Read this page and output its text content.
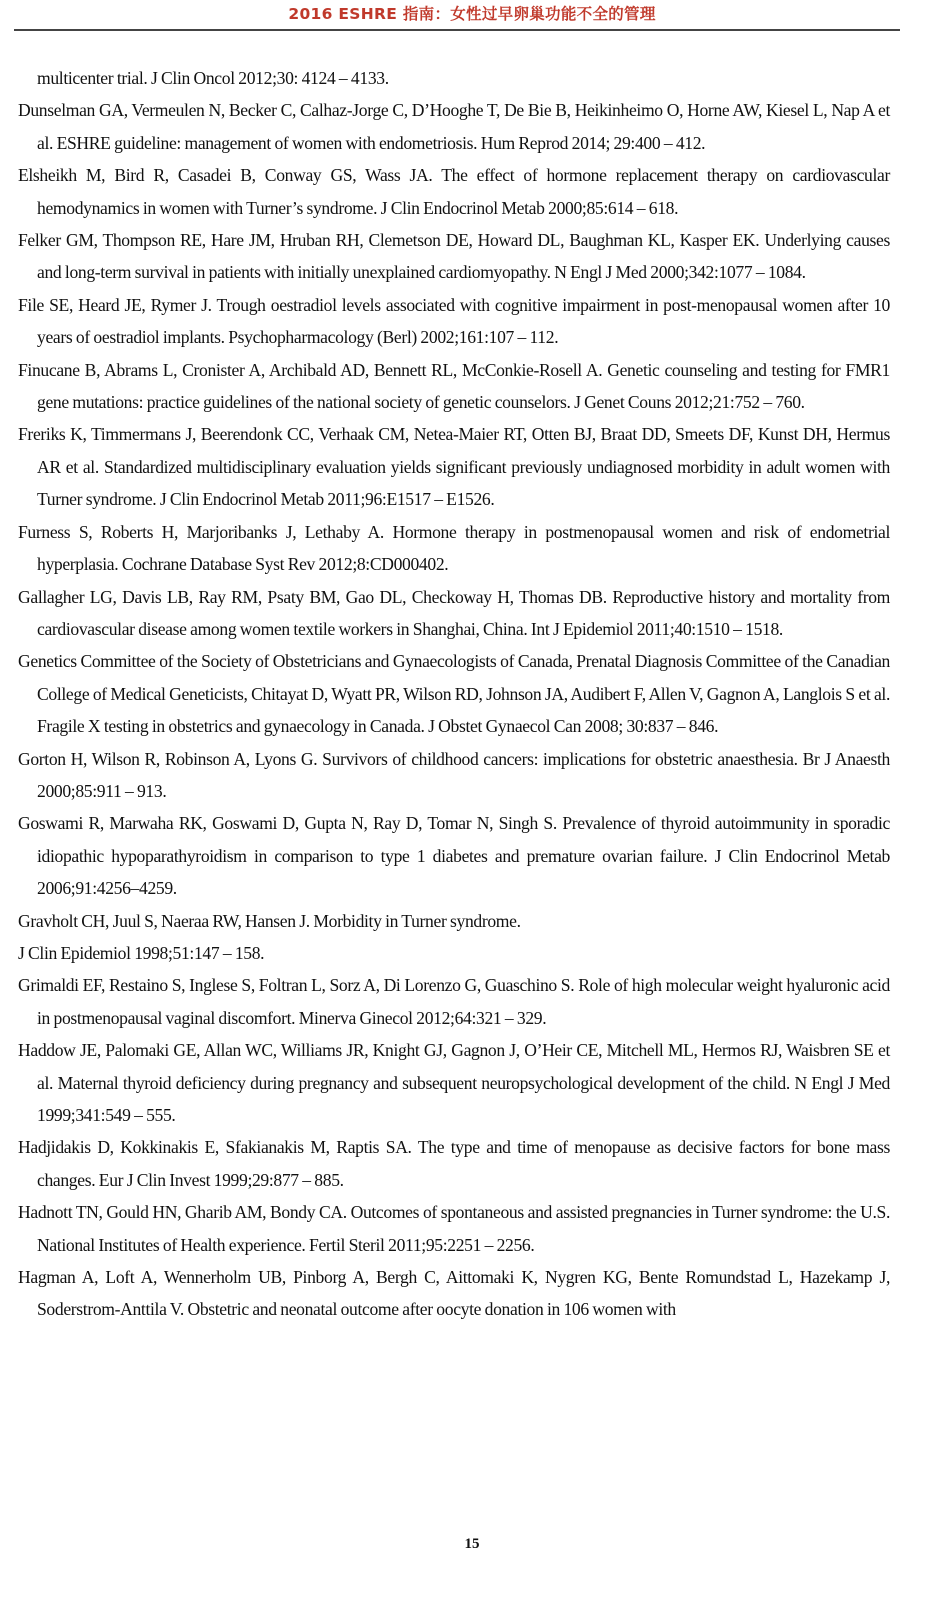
2016 ESHRE 指南：女性过早卵巢功能不全的管理

multicenter trial. J Clin Oncol 2012;30: 4124 – 4133.

Dunselman GA, Vermeulen N, Becker C, Calhaz-Jorge C, D’Hooghe T, De Bie B, Heikinheimo O, Horne AW, Kiesel L, Nap A et al. ESHRE guideline: management of women with endometriosis. Hum Reprod 2014; 29:400 – 412.

Elsheikh M, Bird R, Casadei B, Conway GS, Wass JA. The effect of hormone replacement therapy on cardiovascular hemodynamics in women with Turner’s syndrome. J Clin Endocrinol Metab 2000;85:614 – 618.

Felker GM, Thompson RE, Hare JM, Hruban RH, Clemetson DE, Howard DL, Baughman KL, Kasper EK. Underlying causes and long-term survival in patients with initially unexplained cardiomyopathy. N Engl J Med 2000;342:1077 – 1084.

File SE, Heard JE, Rymer J. Trough oestradiol levels associated with cognitive impairment in post-menopausal women after 10 years of oestradiol implants. Psychopharmacology (Berl) 2002;161:107 – 112.

Finucane B, Abrams L, Cronister A, Archibald AD, Bennett RL, McConkie-Rosell A. Genetic counseling and testing for FMR1 gene mutations: practice guidelines of the national society of genetic counselors. J Genet Couns 2012;21:752 – 760.

Freriks K, Timmermans J, Beerendonk CC, Verhaak CM, Netea-Maier RT, Otten BJ, Braat DD, Smeets DF, Kunst DH, Hermus AR et al. Standardized multidisciplinary evaluation yields significant previously undiagnosed morbidity in adult women with Turner syndrome. J Clin Endocrinol Metab 2011;96:E1517 – E1526.

Furness S, Roberts H, Marjoribanks J, Lethaby A. Hormone therapy in postmenopausal women and risk of endometrial hyperplasia. Cochrane Database Syst Rev 2012;8:CD000402.

Gallagher LG, Davis LB, Ray RM, Psaty BM, Gao DL, Checkoway H, Thomas DB. Reproductive history and mortality from cardiovascular disease among women textile workers in Shanghai, China. Int J Epidemiol 2011;40:1510 – 1518.

Genetics Committee of the Society of Obstetricians and Gynaecologists of Canada, Prenatal Diagnosis Committee of the Canadian College of Medical Geneticists, Chitayat D, Wyatt PR, Wilson RD, Johnson JA, Audibert F, Allen V, Gagnon A, Langlois S et al. Fragile X testing in obstetrics and gynaecology in Canada. J Obstet Gynaecol Can 2008; 30:837 – 846.

Gorton H, Wilson R, Robinson A, Lyons G. Survivors of childhood cancers: implications for obstetric anaesthesia. Br J Anaesth 2000;85:911 – 913.

Goswami R, Marwaha RK, Goswami D, Gupta N, Ray D, Tomar N, Singh S. Prevalence of thyroid autoimmunity in sporadic idiopathic hypoparathyroidism in comparison to type 1 diabetes and premature ovarian failure. J Clin Endocrinol Metab 2006;91:4256–4259.

Gravholt CH, Juul S, Naeraa RW, Hansen J. Morbidity in Turner syndrome.

J Clin Epidemiol 1998;51:147 – 158.

Grimaldi EF, Restaino S, Inglese S, Foltran L, Sorz A, Di Lorenzo G, Guaschino S. Role of high molecular weight hyaluronic acid in postmenopausal vaginal discomfort. Minerva Ginecol 2012;64:321 – 329.

Haddow JE, Palomaki GE, Allan WC, Williams JR, Knight GJ, Gagnon J, O’Heir CE, Mitchell ML, Hermos RJ, Waisbren SE et al. Maternal thyroid deficiency during pregnancy and subsequent neuropsychological development of the child. N Engl J Med 1999;341:549 – 555.

Hadjidakis D, Kokkinakis E, Sfakianakis M, Raptis SA. The type and time of menopause as decisive factors for bone mass changes. Eur J Clin Invest 1999;29:877 – 885.

Hadnott TN, Gould HN, Gharib AM, Bondy CA. Outcomes of spontaneous and assisted pregnancies in Turner syndrome: the U.S. National Institutes of Health experience. Fertil Steril 2011;95:2251 – 2256.

Hagman A, Loft A, Wennerholm UB, Pinborg A, Bergh C, Aittomaki K, Nygren KG, Bente Romundstad L, Hazekamp J, Soderstrom-Anttila V. Obstetric and neonatal outcome after oocyte donation in 106 women with

15
